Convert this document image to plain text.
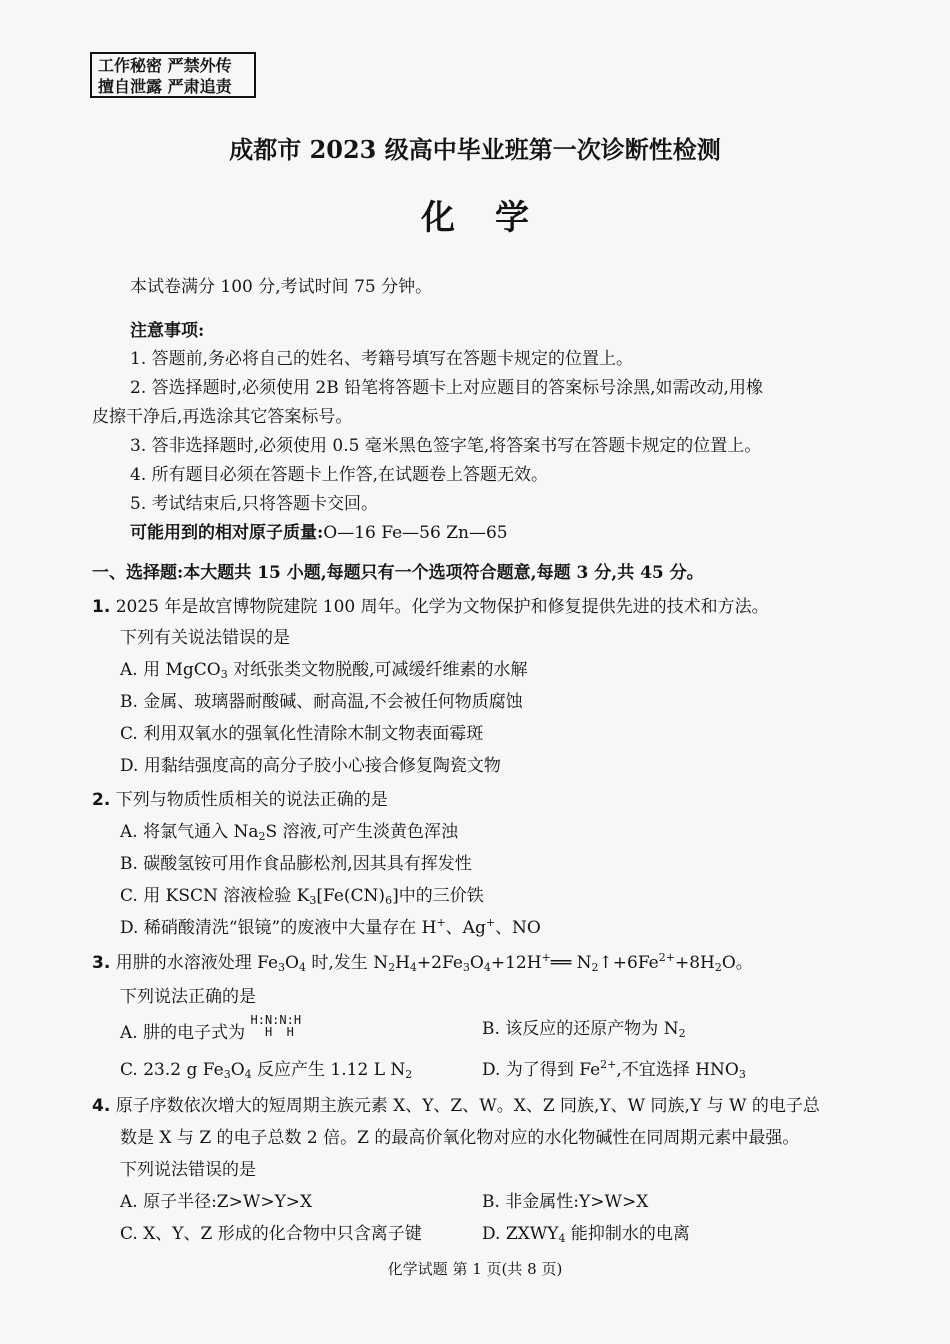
工作秘密 严禁外传
擅自泄露 严肃追责
成都市 2023 级高中毕业班第一次诊断性检测
化学
本试卷满分 100 分,考试时间 75 分钟。
注意事项:
1. 答题前,务必将自己的姓名、考籍号填写在答题卡规定的位置上。
2. 答选择题时,必须使用 2B 铅笔将答题卡上对应题目的答案标号涂黑,如需改动,用橡
皮擦干净后,再选涂其它答案标号。
3. 答非选择题时,必须使用 0.5 毫米黑色签字笔,将答案书写在答题卡规定的位置上。
4. 所有题目必须在答题卡上作答,在试题卷上答题无效。
5. 考试结束后,只将答题卡交回。
可能用到的相对原子质量:O—16 Fe—56 Zn—65
一、选择题:本大题共 15 小题,每题只有一个选项符合题意,每题 3 分,共 45 分。
1. 2025 年是故宫博物院建院 100 周年。化学为文物保护和修复提供先进的技术和方法。
下列有关说法错误的是
A. 用 MgCO$_3$ 对纸张类文物脱酸,可减缓纤维素的水解
B. 金属、玻璃器耐酸碱、耐高温,不会被任何物质腐蚀
C. 利用双氧水的强氧化性清除木制文物表面霉斑
D. 用黏结强度高的高分子胶小心接合修复陶瓷文物
2. 下列与物质性质相关的说法正确的是
A. 将氯气通入 $Na_2S$ 溶液,可产生淡黄色浑浊
B. 碳酸氢铵可用作食品膨松剂,因其具有挥发性
C. 用 KSCN 溶液检验 $K_3[Fe(CN)_6]$中的三价铁
D. 稀硝酸清洗“银镜”的废液中大量存在 H+、Ag+、NO
3. 用肼的水溶液处理 $Fe_3O_4$ 时,发生 $N_2H_4+2Fe_3O_4+12H^+══$ $N_2↑+6Fe^{2+}+8H_2O$。
下列说法正确的是
A. 肼的电子式为
H:N:N:H
H  H	B. 该反应的还原产物为 $N_2$
C. 23.2 g $Fe_3O_4$ 反应产生 1.12 L $N_2$	D. 为了得到 $Fe^{2+}$,不宜选择 $HNO_3$
4. 原子序数依次增大的短周期主族元素 X、Y、Z、W。X、Z 同族,Y、W 同族,Y 与 W 的电子总
数是 X 与 Z 的电子总数 2 倍。Z 的最高价氧化物对应的水化物碱性在同周期元素中最强。
下列说法错误的是
A. 原子半径:Z>W>Y>X	B. 非金属性:Y>W>X
C. X、Y、Z 形成的化合物中只含离子键	D. $ZXWY_4$ 能抑制水的电离
化学试题 第 1 页(共 8 页)
